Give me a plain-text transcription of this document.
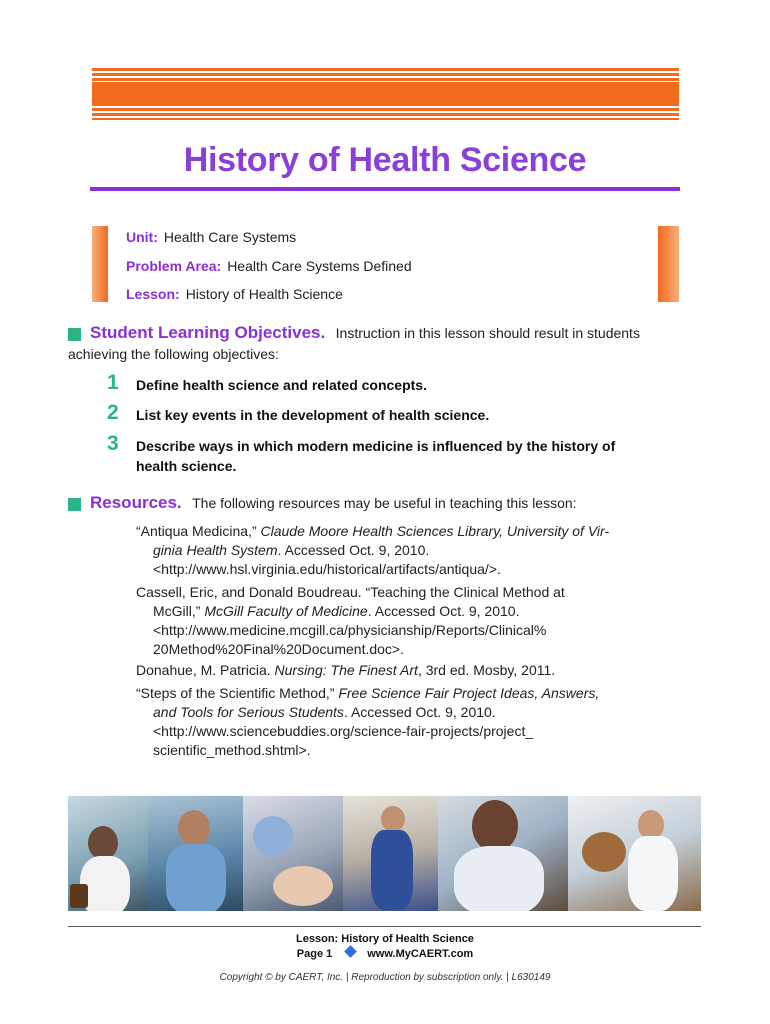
History of Health Science
Unit: Health Care Systems
Problem Area: Health Care Systems Defined
Lesson: History of Health Science
Student Learning Objectives. Instruction in this lesson should result in students
achieving the following objectives:
1 Define health science and related concepts.
2 List key events in the development of health science.
3 Describe ways in which modern medicine is influenced by the history of
health science.
Resources. The following resources may be useful in teaching this lesson:
“Antiqua Medicina,” Claude Moore Health Sciences Library, University of Vir-
ginia Health System. Accessed Oct. 9, 2010.
<http://www.hsl.virginia.edu/historical/artifacts/antiqua/>.
Cassell, Eric, and Donald Boudreau. “Teaching the Clinical Method at
McGill,” McGill Faculty of Medicine. Accessed Oct. 9, 2010.
<http://www.medicine.mcgill.ca/physicianship/Reports/Clinical%
20Method%20Final%20Document.doc>.
Donahue, M. Patricia. Nursing: The Finest Art, 3rd ed. Mosby, 2011.
“Steps of the Scientific Method,” Free Science Fair Project Ideas, Answers,
and Tools for Serious Students. Accessed Oct. 9, 2010.
<http://www.sciencebuddies.org/science-fair-projects/project_
scientific_method.shtml>.
Lesson: History of Health Science
Page 1	www.MyCAERT.com
Copyright © by CAERT, Inc. | Reproduction by subscription only. | L630149
